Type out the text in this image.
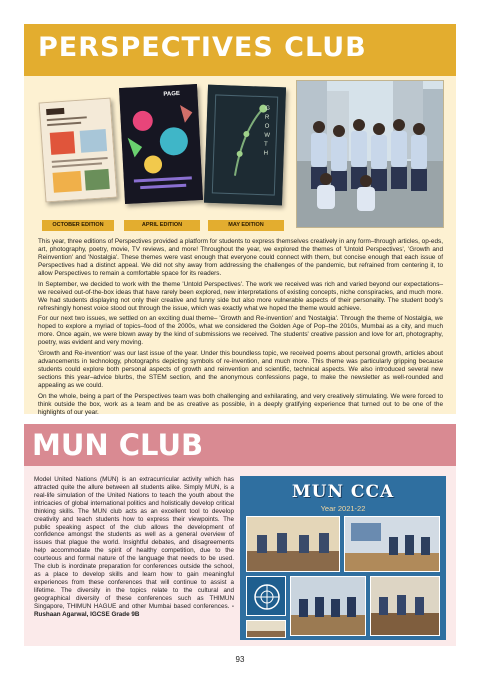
PERSPECTIVES CLUB
PAGE
GROWTH
OCTOBER EDITION	APRIL EDITION	MAY EDITION

This year, three editions of Perspectives provided a platform for students to express themselves creatively in any form–through articles, op-eds, art, photography, poetry, movie, TV reviews, and more! Throughout the year, we explored the themes of 'Untold Perspectives', 'Growth and Reinvention' and 'Nostalgia'. These themes were vast enough that everyone could connect with them, but concise enough that each issue of Perspectives had a distinct appeal. We did not shy away from addressing the challenges of the pandemic, but refrained from centering it, to allow Perspectives to remain a comfortable space for its readers.

In September, we decided to work with the theme 'Untold Perspectives'. The work we received was rich and varied beyond our expectations–we received out-of-the-box ideas that have rarely been explored, new interpretations of existing concepts, niche conspiracies, and much more. We had students displaying not only their creative and funny side but also more vulnerable aspects of their personality. The student body's refreshingly honest voice stood out through the issue, which was exactly what we hoped the theme would achieve.

For our next two issues, we settled on an exciting dual theme– 'Growth and Re-invention' and 'Nostalgia'. Through the theme of Nostalgia, we hoped to explore a myriad of topics–food of the 2000s, what we considered the Golden Age of Pop–the 2010s, Mumbai as a city, and much more. Once again, we were blown away by the kind of submissions we received. The students' creative passion and love for art, photography, poetry, was evident and very moving.

'Growth and Re-invention' was our last issue of the year. Under this boundless topic, we received poems about personal growth, articles about advancements in technology, photographs depicting symbols of re-invention, and much more. This theme was particularly gripping because students could explore both personal aspects of growth and reinvention and scientific, technical aspects. We also introduced several new sections this year–advice blurbs, the STEM section, and the anonymous confessions page, to make the newsletter as well-rounded and appealing as we could.

On the whole, being a part of the Perspectives team was both challenging and exhilarating, and very creatively stimulating. We were forced to think outside the box, work as a team and be as creative as possible, in a deeply gratifying experience that turned out to be one of the highlights of our year.

MUN CLUB
Model United Nations (MUN) is an extracurricular activity which has attracted quite the allure between all students alike. Simply MUN, is a real-life simulation of the United Nations to teach the youth about the intricacies of global international politics and holistically develop critical thinking skills. The MUN club acts as an excellent tool to develop creativity and teach students how to express their viewpoints. The public speaking aspect of the club allows the development of confidence amongst the students as well as a general overview of issues that plague the world. Insightful debates, and disagreements help accommodate the spirit of healthy competition, due to the courteous and formal nature of the language that needs to be used. The club is inordinate preparation for conferences outside the school, as a place to develop skills and learn how to gain meaningful experiences from these conferences that will continue to assist a lifetime. The diversity in the topics relate to the cultural and geographical diversity of these conferences such as THIMUN Singapore, THIMUN HAGUE and other Mumbai based conferences. - Rushaan Agarwal, IGCSE Grade 9B
MUN CCA
Year 2021-22
93
